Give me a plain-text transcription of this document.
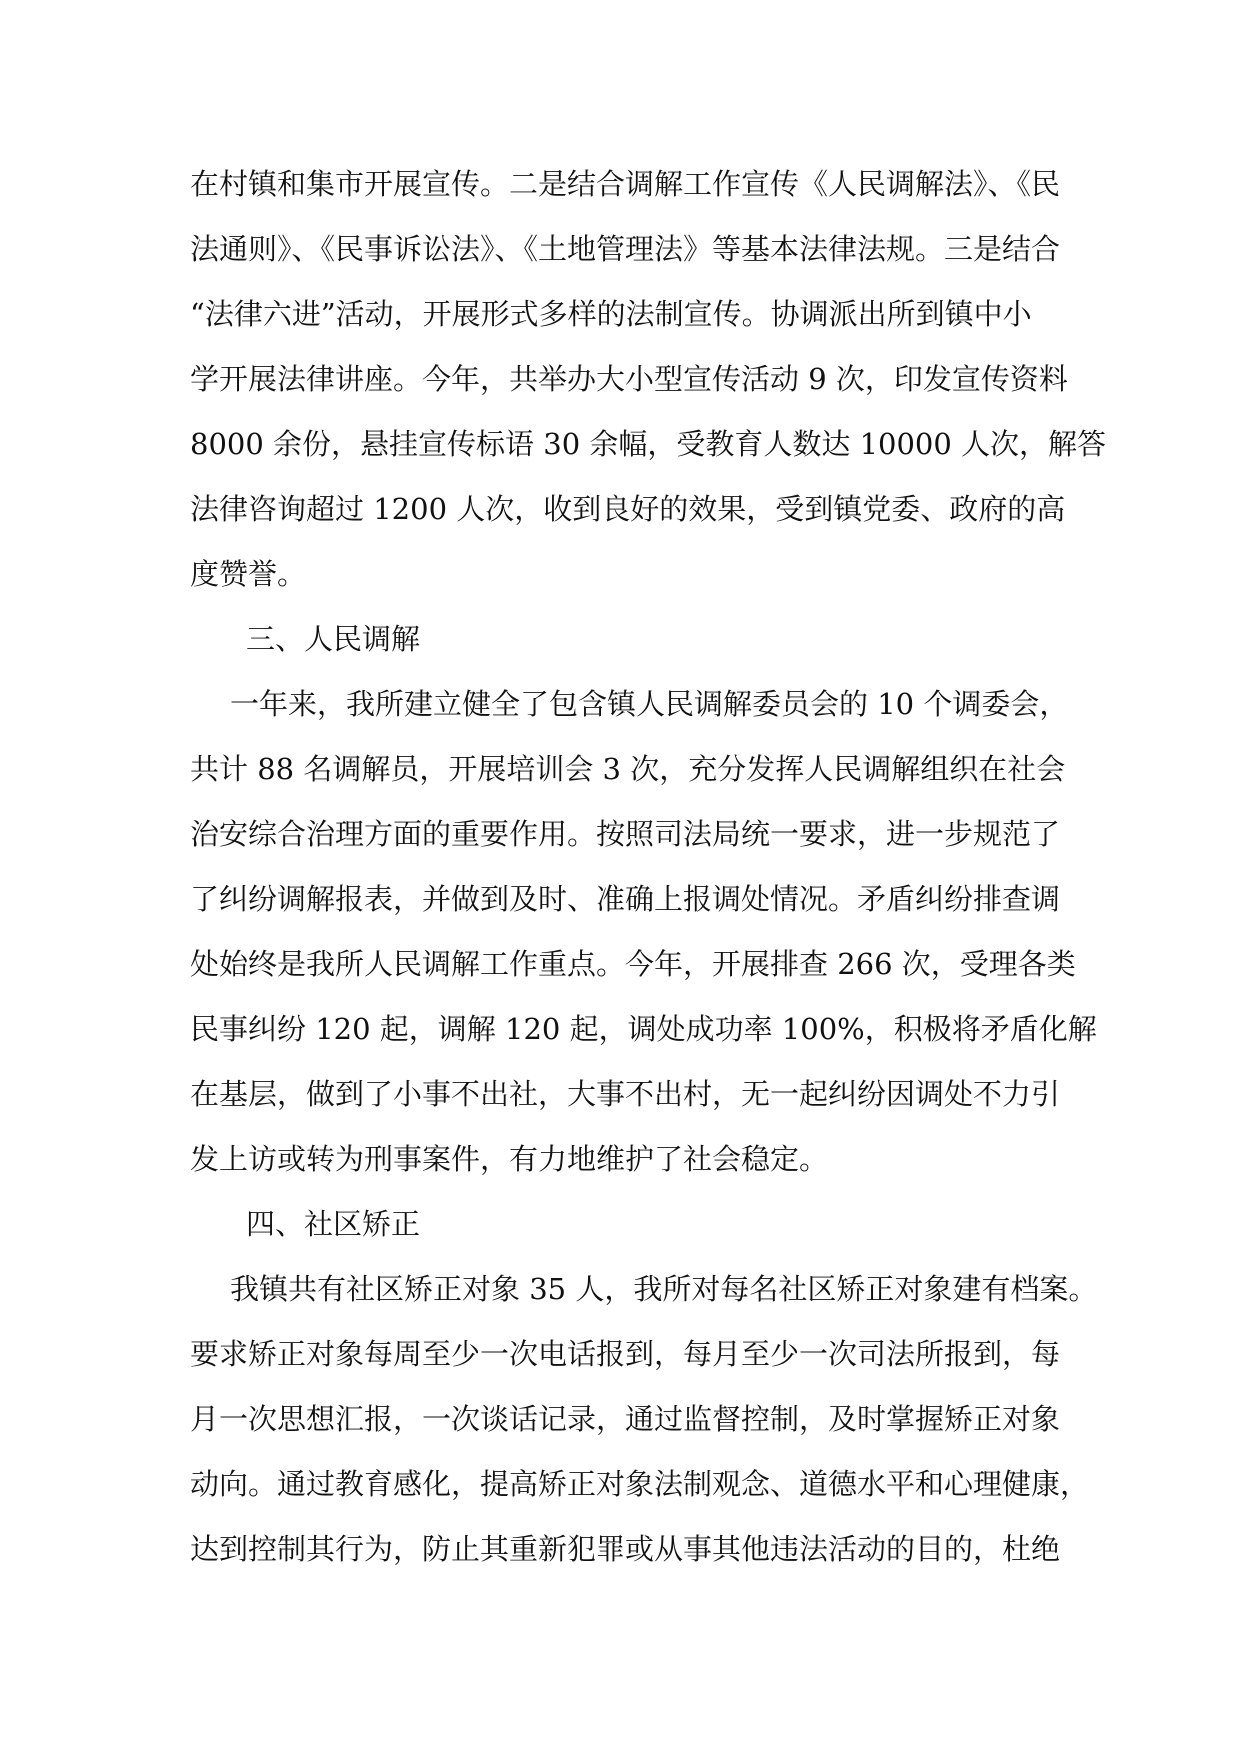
在村镇和集市开展宣传。二是结合调解工作宣传《人民调解法》、《民
法通则》、《民事诉讼法》、《土地管理法》等基本法律法规。三是结合
“法律六进”活动，开展形式多样的法制宣传。协调派出所到镇中小
学开展法律讲座。今年，共举办大小型宣传活动 9 次，印发宣传资料
8000 余份，悬挂宣传标语 30 余幅，受教育人数达 10000 人次，解答
法律咨询超过 1200 人次，收到良好的效果，受到镇党委、政府的高
度赞誉。
三、人民调解
一年来，我所建立健全了包含镇人民调解委员会的 10 个调委会，
共计 88 名调解员，开展培训会 3 次，充分发挥人民调解组织在社会
治安综合治理方面的重要作用。按照司法局统一要求，进一步规范了
了纠纷调解报表，并做到及时、准确上报调处情况。矛盾纠纷排查调
处始终是我所人民调解工作重点。今年，开展排查 266 次，受理各类
民事纠纷 120 起，调解 120 起，调处成功率 100%，积极将矛盾化解
在基层，做到了小事不出社，大事不出村，无一起纠纷因调处不力引
发上访或转为刑事案件，有力地维护了社会稳定。
四、社区矫正
我镇共有社区矫正对象 35 人，我所对每名社区矫正对象建有档案。
要求矫正对象每周至少一次电话报到，每月至少一次司法所报到，每
月一次思想汇报，一次谈话记录，通过监督控制，及时掌握矫正对象
动向。通过教育感化，提高矫正对象法制观念、道德水平和心理健康，
达到控制其行为，防止其重新犯罪或从事其他违法活动的目的，杜绝
